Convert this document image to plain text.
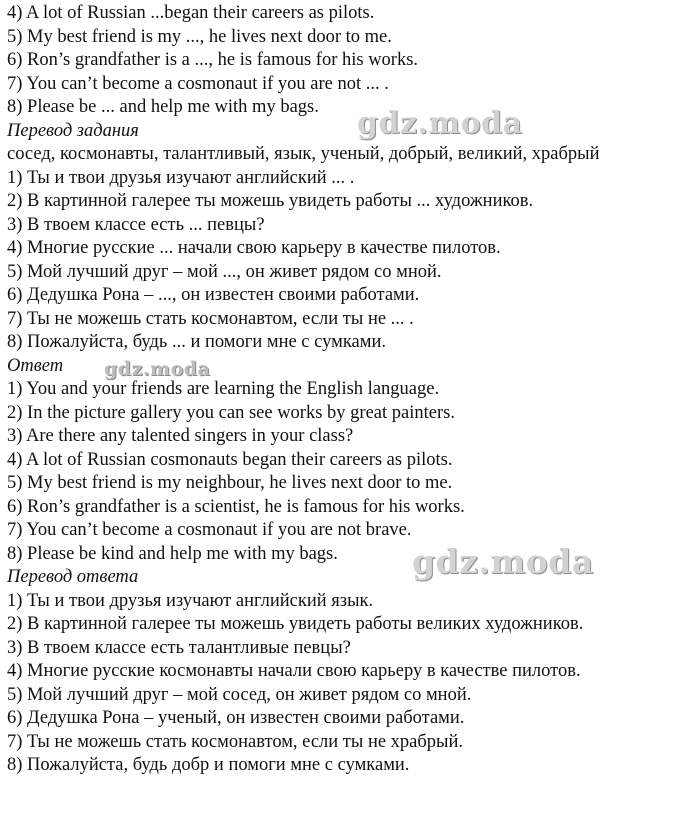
4) A lot of Russian ...began their careers as pilots.
5) My best friend is my ..., he lives next door to me.
6) Ron’s grandfather is a ..., he is famous for his works.
7) You can’t become a cosmonaut if you are not ... .
8) Please be ... and help me with my bags.
Перевод задания
сосед, космонавты, талантливый, язык, ученый, добрый, великий, храбрый
1) Ты и твои друзья изучают английский ... .
2) В картинной галерее ты можешь увидеть работы ... художников.
3) В твоем классе есть ... певцы?
4) Многие русские ... начали свою карьеру в качестве пилотов.
5) Мой лучший друг – мой ..., он живет рядом со мной.
6) Дедушка Рона – ..., он известен своими работами.
7) Ты не можешь стать космонавтом, если ты не ... .
8) Пожалуйста, будь ... и помоги мне с сумками.
Ответ
1) You and your friends are learning the English language.
2) In the picture gallery you can see works by great painters.
3) Are there any talented singers in your class?
4) A lot of Russian cosmonauts began their careers as pilots.
5) My best friend is my neighbour, he lives next door to me.
6) Ron’s grandfather is a scientist, he is famous for his works.
7) You can’t become a cosmonaut if you are not brave.
8) Please be kind and help me with my bags.
Перевод ответа
1) Ты и твои друзья изучают английский язык.
2) В картинной галерее ты можешь увидеть работы великих художников.
3) В твоем классе есть талантливые певцы?
4) Многие русские космонавты начали свою карьеру в качестве пилотов.
5) Мой лучший друг – мой сосед, он живет рядом со мной.
6) Дедушка Рона – ученый, он известен своими работами.
7) Ты не можешь стать космонавтом, если ты не храбрый.
8) Пожалуйста, будь добр и помоги мне с сумками.
gdz.moda
gdz.moda
gdz.moda
